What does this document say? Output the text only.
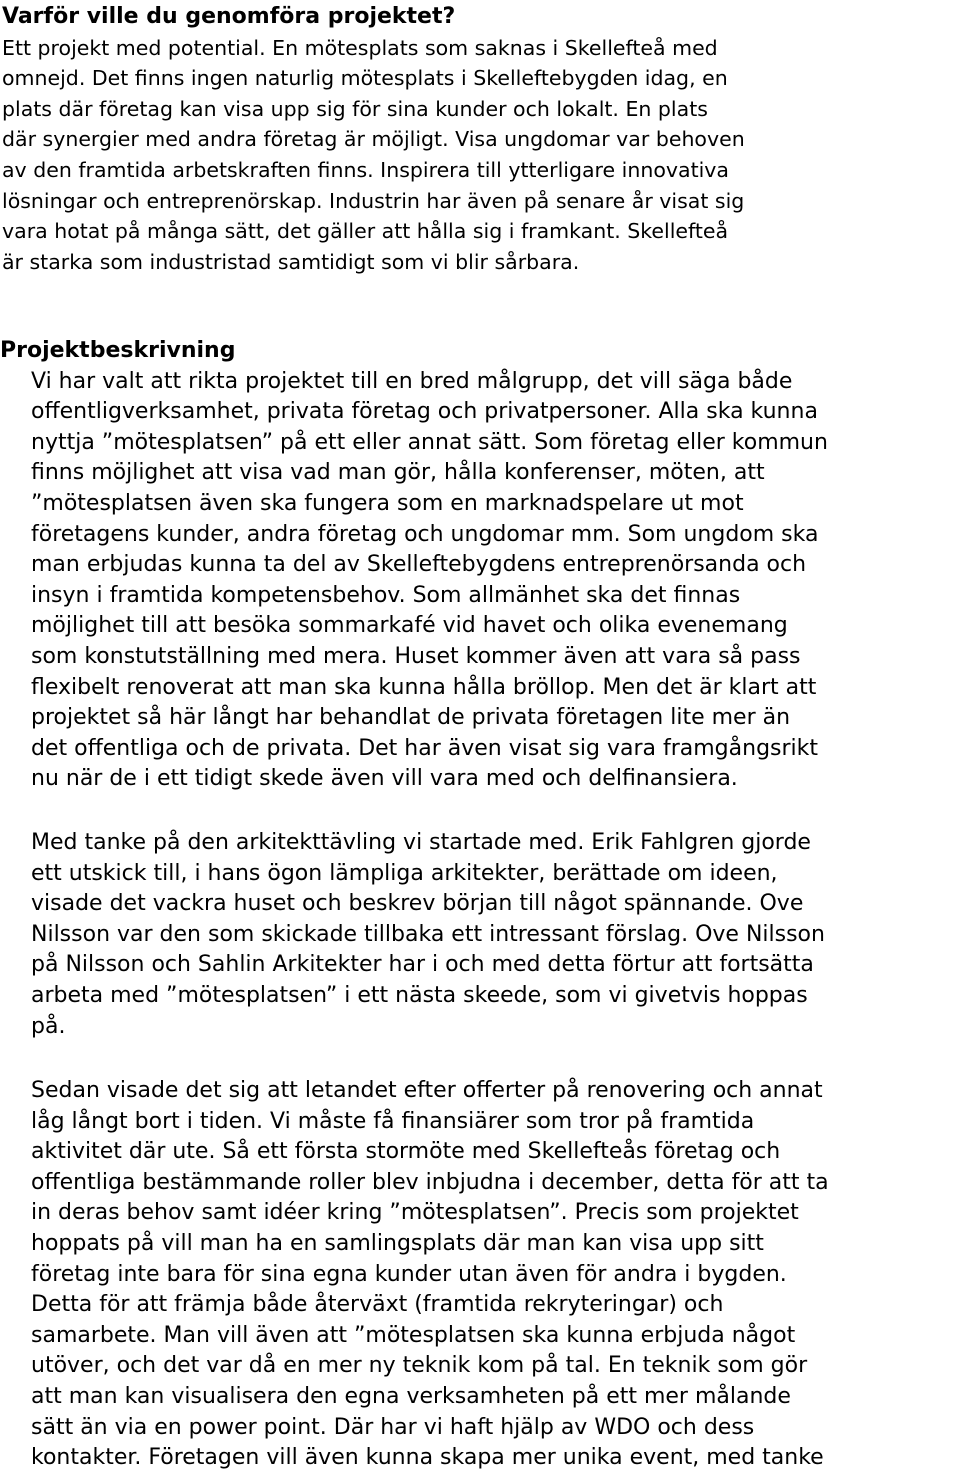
Varför ville du genomföra projektet?
Ett projekt med potential. En mötesplats som saknas i Skellefteå med
omnejd. Det finns ingen naturlig mötesplats i Skelleftebygden idag, en
plats där företag kan visa upp sig för sina kunder och lokalt. En plats
där synergier med andra företag är möjligt. Visa ungdomar var behoven
av den framtida arbetskraften finns. Inspirera till ytterligare innovativa
lösningar och entreprenörskap. Industrin har även på senare år visat sig
vara hotat på många sätt, det gäller att hålla sig i framkant. Skellefteå
är starka som industristad samtidigt som vi blir sårbara.
Projektbeskrivning
Vi har valt att rikta projektet till en bred målgrupp, det vill säga både
offentligverksamhet, privata företag och privatpersoner. Alla ska kunna
nyttja ”mötesplatsen” på ett eller annat sätt. Som företag eller kommun
finns möjlighet att visa vad man gör, hålla konferenser, möten, att
”mötesplatsen även ska fungera som en marknadspelare ut mot
företagens kunder, andra företag och ungdomar mm. Som ungdom ska
man erbjudas kunna ta del av Skelleftebygdens entreprenörsanda och
insyn i framtida kompetensbehov. Som allmänhet ska det finnas
möjlighet till att besöka sommarkafé vid havet och olika evenemang
som konstutställning med mera. Huset kommer även att vara så pass
flexibelt renoverat att man ska kunna hålla bröllop. Men det är klart att
projektet så här långt har behandlat de privata företagen lite mer än
det offentliga och de privata. Det har även visat sig vara framgångsrikt
nu när de i ett tidigt skede även vill vara med och delfinansiera.
Med tanke på den arkitekttävling vi startade med. Erik Fahlgren gjorde
ett utskick till, i hans ögon lämpliga arkitekter, berättade om ideen,
visade det vackra huset och beskrev början till något spännande. Ove
Nilsson var den som skickade tillbaka ett intressant förslag. Ove Nilsson
på Nilsson och Sahlin Arkitekter har i och med detta förtur att fortsätta
arbeta med ”mötesplatsen” i ett nästa skeede, som vi givetvis hoppas
på.
Sedan visade det sig att letandet efter offerter på renovering och annat
låg långt bort i tiden. Vi måste få finansiärer som tror på framtida
aktivitet där ute. Så ett första stormöte med Skellefteås företag och
offentliga bestämmande roller blev inbjudna i december, detta för att ta
in deras behov samt idéer kring ”mötesplatsen”. Precis som projektet
hoppats på vill man ha en samlingsplats där man kan visa upp sitt
företag inte bara för sina egna kunder utan även för andra i bygden.
Detta för att främja både återväxt (framtida rekryteringar) och
samarbete. Man vill även att ”mötesplatsen ska kunna erbjuda något
utöver, och det var då en mer ny teknik kom på tal. En teknik som gör
att man kan visualisera den egna verksamheten på ett mer målande
sätt än via en power point. Där har vi haft hjälp av WDO och dess
kontakter. Företagen vill även kunna skapa mer unika event, med tanke
